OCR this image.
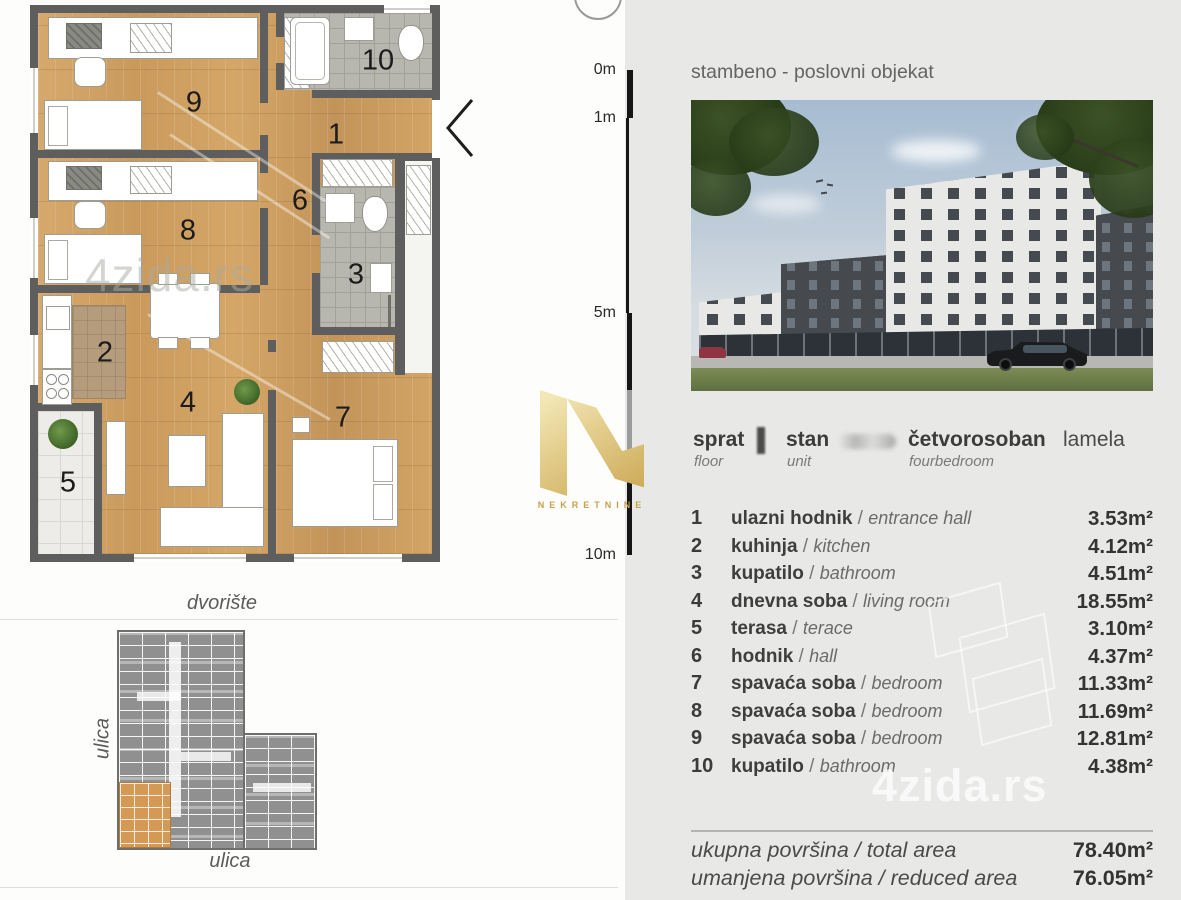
0m
1m
5m
10m
1
2
3
4
5
6
7
8
9
10
4zida.rs
dvorište
ulica
ulica
NEKRETNINE
stambeno - poslovni objekat
sprat
floor
stan
unit
četvorosoban
fourbedroom
lamela
1 ulazni hodnik / entrance hall	3.53m²
2 kuhinja / kitchen	4.12m²
3 kupatilo / bathroom	4.51m²
4 dnevna soba / living room	18.55m²
5 terasa / terace	3.10m²
6 hodnik / hall	4.37m²
7 spavaća soba / bedroom	11.33m²
8 spavaća soba / bedroom	11.69m²
9 spavaća soba / bedroom	12.81m²
10 kupatilo / bathroom	4.38m²
4zida.rs
ukupna površina / total area	78.40m²
umanjena površina / reduced area	76.05m²
